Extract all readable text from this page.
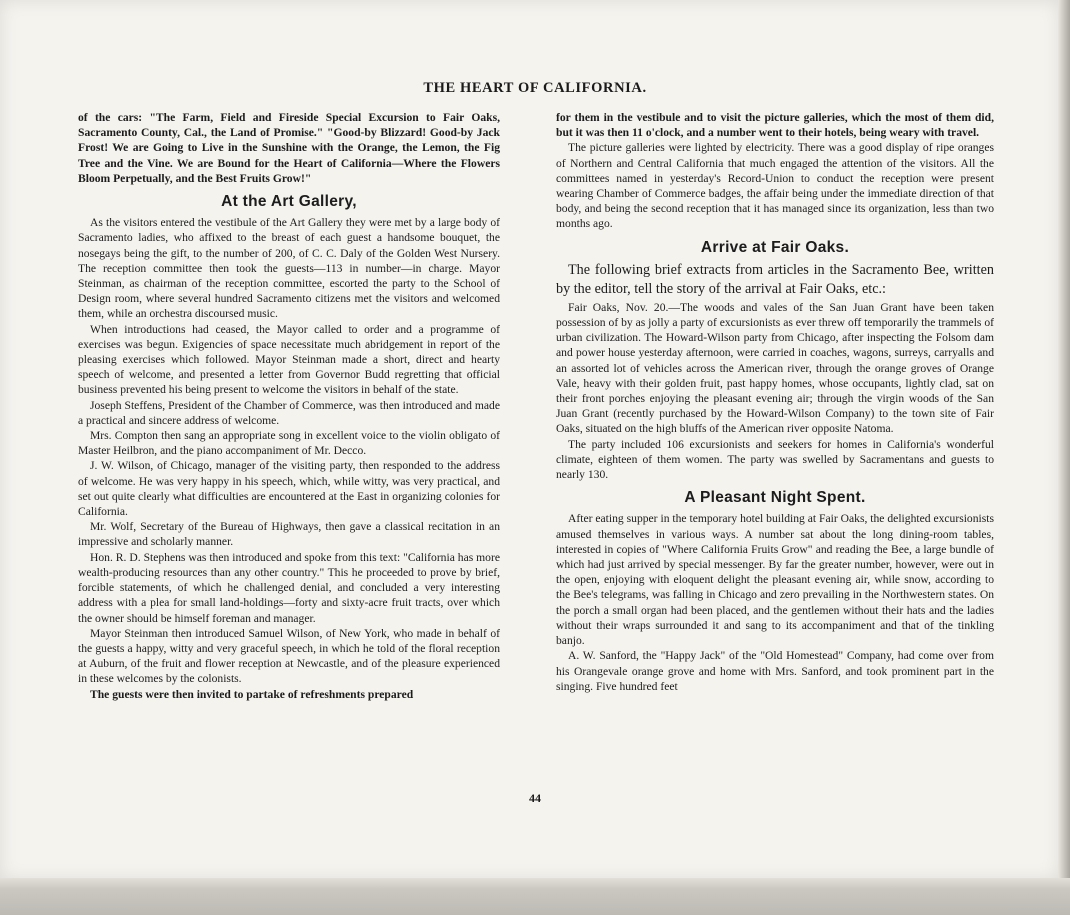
THE HEART OF CALIFORNIA.

of the cars: "The Farm, Field and Fireside Special Excursion to Fair Oaks, Sacramento County, Cal., the Land of Promise." "Good-by Blizzard! Good-by Jack Frost! We are Going to Live in the Sunshine with the Orange, the Lemon, the Fig Tree and the Vine. We are Bound for the Heart of California—Where the Flowers Bloom Perpetually, and the Best Fruits Grow!"

At the Art Gallery,

As the visitors entered the vestibule of the Art Gallery they were met by a large body of Sacramento ladies, who affixed to the breast of each guest a handsome bouquet, the nosegays being the gift, to the number of 200, of C. C. Daly of the Golden West Nursery. The reception committee then took the guests—113 in number—in charge. Mayor Steinman, as chairman of the reception committee, escorted the party to the School of Design room, where several hundred Sacramento citizens met the visitors and welcomed them, while an orchestra discoursed music.

When introductions had ceased, the Mayor called to order and a programme of exercises was begun. Exigencies of space necessitate much abridgement in report of the pleasing exercises which followed. Mayor Steinman made a short, direct and hearty speech of welcome, and presented a letter from Governor Budd regretting that official business prevented his being present to welcome the visitors in behalf of the state.

Joseph Steffens, President of the Chamber of Commerce, was then introduced and made a practical and sincere address of welcome.

Mrs. Compton then sang an appropriate song in excellent voice to the violin obligato of Master Heilbron, and the piano accompaniment of Mr. Decco.

J. W. Wilson, of Chicago, manager of the visiting party, then responded to the address of welcome. He was very happy in his speech, which, while witty, was very practical, and set out quite clearly what difficulties are encountered at the East in organizing colonies for California.

Mr. Wolf, Secretary of the Bureau of Highways, then gave a classical recitation in an impressive and scholarly manner.

Hon. R. D. Stephens was then introduced and spoke from this text: "California has more wealth-producing resources than any other country." This he proceeded to prove by brief, forcible statements, of which he challenged denial, and concluded a very interesting address with a plea for small land-holdings—forty and sixty-acre fruit tracts, over which the owner should be himself foreman and manager.

Mayor Steinman then introduced Samuel Wilson, of New York, who made in behalf of the guests a happy, witty and very graceful speech, in which he told of the floral reception at Auburn, of the fruit and flower reception at Newcastle, and of the pleasure experienced in these welcomes by the colonists.

The guests were then invited to partake of refreshments prepared

for them in the vestibule and to visit the picture galleries, which the most of them did, but it was then 11 o'clock, and a number went to their hotels, being weary with travel.

The picture galleries were lighted by electricity. There was a good display of ripe oranges of Northern and Central California that much engaged the attention of the visitors. All the committees named in yesterday's Record-Union to conduct the reception were present wearing Chamber of Commerce badges, the affair being under the immediate direction of that body, and being the second reception that it has managed since its organization, less than two months ago.

Arrive at Fair Oaks.

The following brief extracts from articles in the Sacramento Bee, written by the editor, tell the story of the arrival at Fair Oaks, etc.:

Fair Oaks, Nov. 20.—The woods and vales of the San Juan Grant have been taken possession of by as jolly a party of excursionists as ever threw off temporarily the trammels of urban civilization. The Howard-Wilson party from Chicago, after inspecting the Folsom dam and power house yesterday afternoon, were carried in coaches, wagons, surreys, carryalls and an assorted lot of vehicles across the American river, through the orange groves of Orange Vale, heavy with their golden fruit, past happy homes, whose occupants, lightly clad, sat on their front porches enjoying the pleasant evening air; through the virgin woods of the San Juan Grant (recently purchased by the Howard-Wilson Company) to the town site of Fair Oaks, situated on the high bluffs of the American river opposite Natoma.

The party included 106 excursionists and seekers for homes in California's wonderful climate, eighteen of them women. The party was swelled by Sacramentans and guests to nearly 130.

A Pleasant Night Spent.

After eating supper in the temporary hotel building at Fair Oaks, the delighted excursionists amused themselves in various ways. A number sat about the long dining-room tables, interested in copies of "Where California Fruits Grow" and reading the Bee, a large bundle of which had just arrived by special messenger. By far the greater number, however, were out in the open, enjoying with eloquent delight the pleasant evening air, while snow, according to the Bee's telegrams, was falling in Chicago and zero prevailing in the Northwestern states. On the porch a small organ had been placed, and the gentlemen without their hats and the ladies without their wraps surrounded it and sang to its accompaniment and that of the tinkling banjo.

A. W. Sanford, the "Happy Jack" of the "Old Homestead" Company, had come over from his Orangevale orange grove and home with Mrs. Sanford, and took prominent part in the singing. Five hundred feet

44
